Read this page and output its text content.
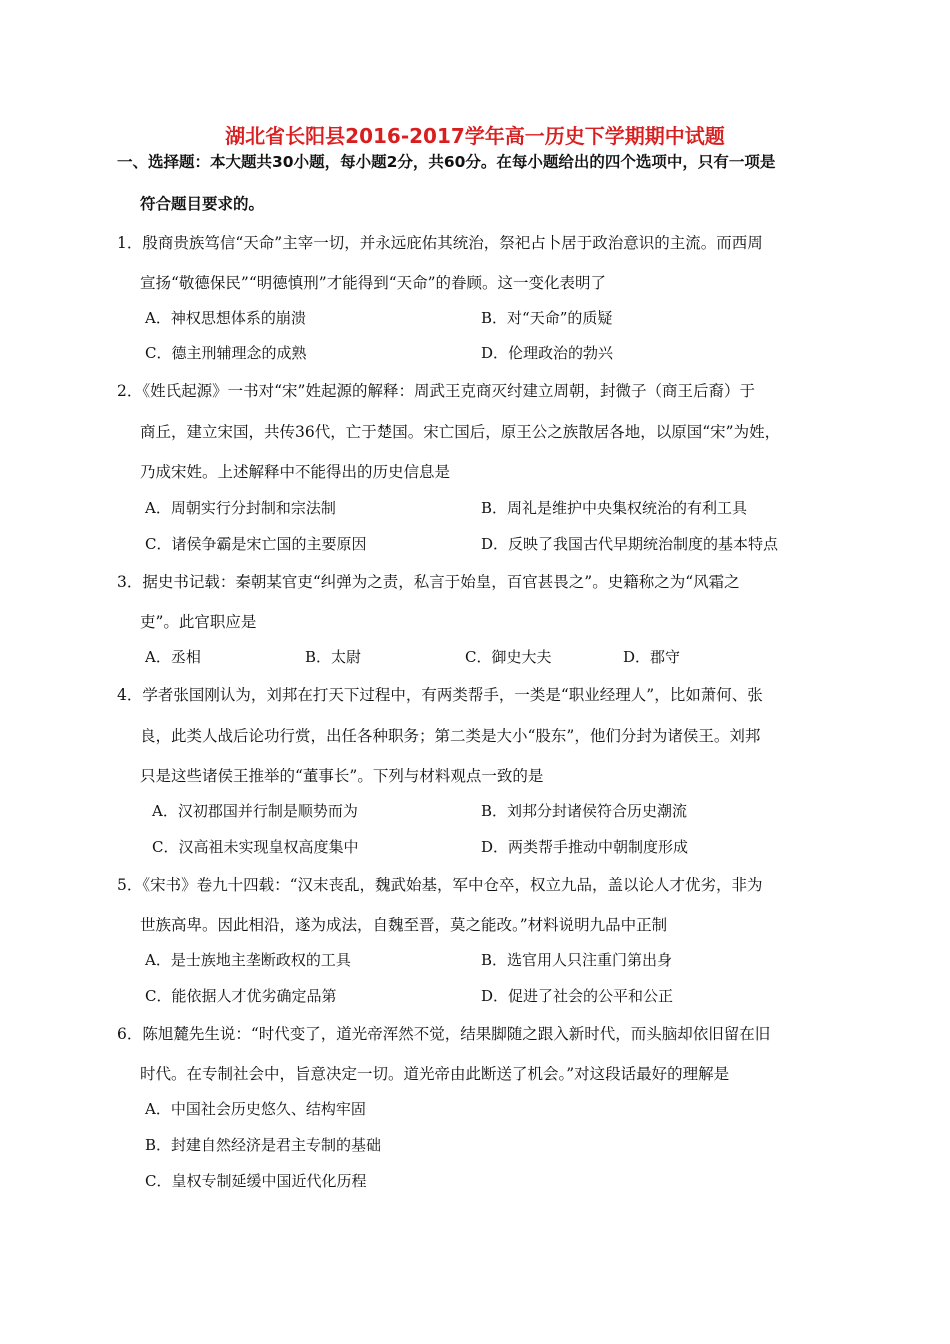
湖北省长阳县2016-2017学年高一历史下学期期中试题
一、选择题：本大题共30小题，每小题2分，共60分。在每小题给出的四个选项中，只有一项是
符合题目要求的。
1．殷商贵族笃信“天命”主宰一切，并永远庇佑其统治，祭祀占卜居于政治意识的主流。而西周
宣扬“敬德保民”“明德慎刑”才能得到“天命”的眷顾。这一变化表明了
A．神权思想体系的崩溃	B．对“天命”的质疑
C．德主刑辅理念的成熟	D．伦理政治的勃兴
2．《姓氏起源》一书对“宋”姓起源的解释：周武王克商灭纣建立周朝，封微子（商王后裔）于
商丘，建立宋国，共传36代，亡于楚国。宋亡国后，原王公之族散居各地，以原国“宋”为姓，
乃成宋姓。上述解释中不能得出的历史信息是
A．周朝实行分封制和宗法制	B．周礼是维护中央集权统治的有利工具
C．诸侯争霸是宋亡国的主要原因	D．反映了我国古代早期统治制度的基本特点
3．据史书记载：秦朝某官吏“纠弹为之责，私言于始皇，百官甚畏之”。史籍称之为“风霜之
吏”。此官职应是
A．丞相	B．太尉	C．御史大夫	D．郡守
4．学者张国刚认为，刘邦在打天下过程中，有两类帮手，一类是“职业经理人”，比如萧何、张
良，此类人战后论功行赏，出任各种职务；第二类是大小“股东”，他们分封为诸侯王。刘邦
只是这些诸侯王推举的“董事长”。下列与材料观点一致的是
A．汉初郡国并行制是顺势而为	B．刘邦分封诸侯符合历史潮流
C．汉高祖未实现皇权高度集中	D．两类帮手推动中朝制度形成
5．《宋书》卷九十四载：“汉末丧乱，魏武始基，军中仓卒，权立九品，盖以论人才优劣，非为
世族高卑。因此相沿，遂为成法，自魏至晋，莫之能改。”材料说明九品中正制
A．是士族地主垄断政权的工具	B．选官用人只注重门第出身
C．能依据人才优劣确定品第	D．促进了社会的公平和公正
6．陈旭麓先生说：“时代变了，道光帝浑然不觉，结果脚随之跟入新时代，而头脑却依旧留在旧
时代。在专制社会中，旨意决定一切。道光帝由此断送了机会。”对这段话最好的理解是
A．中国社会历史悠久、结构牢固
B．封建自然经济是君主专制的基础
C．皇权专制延缓中国近代化历程
